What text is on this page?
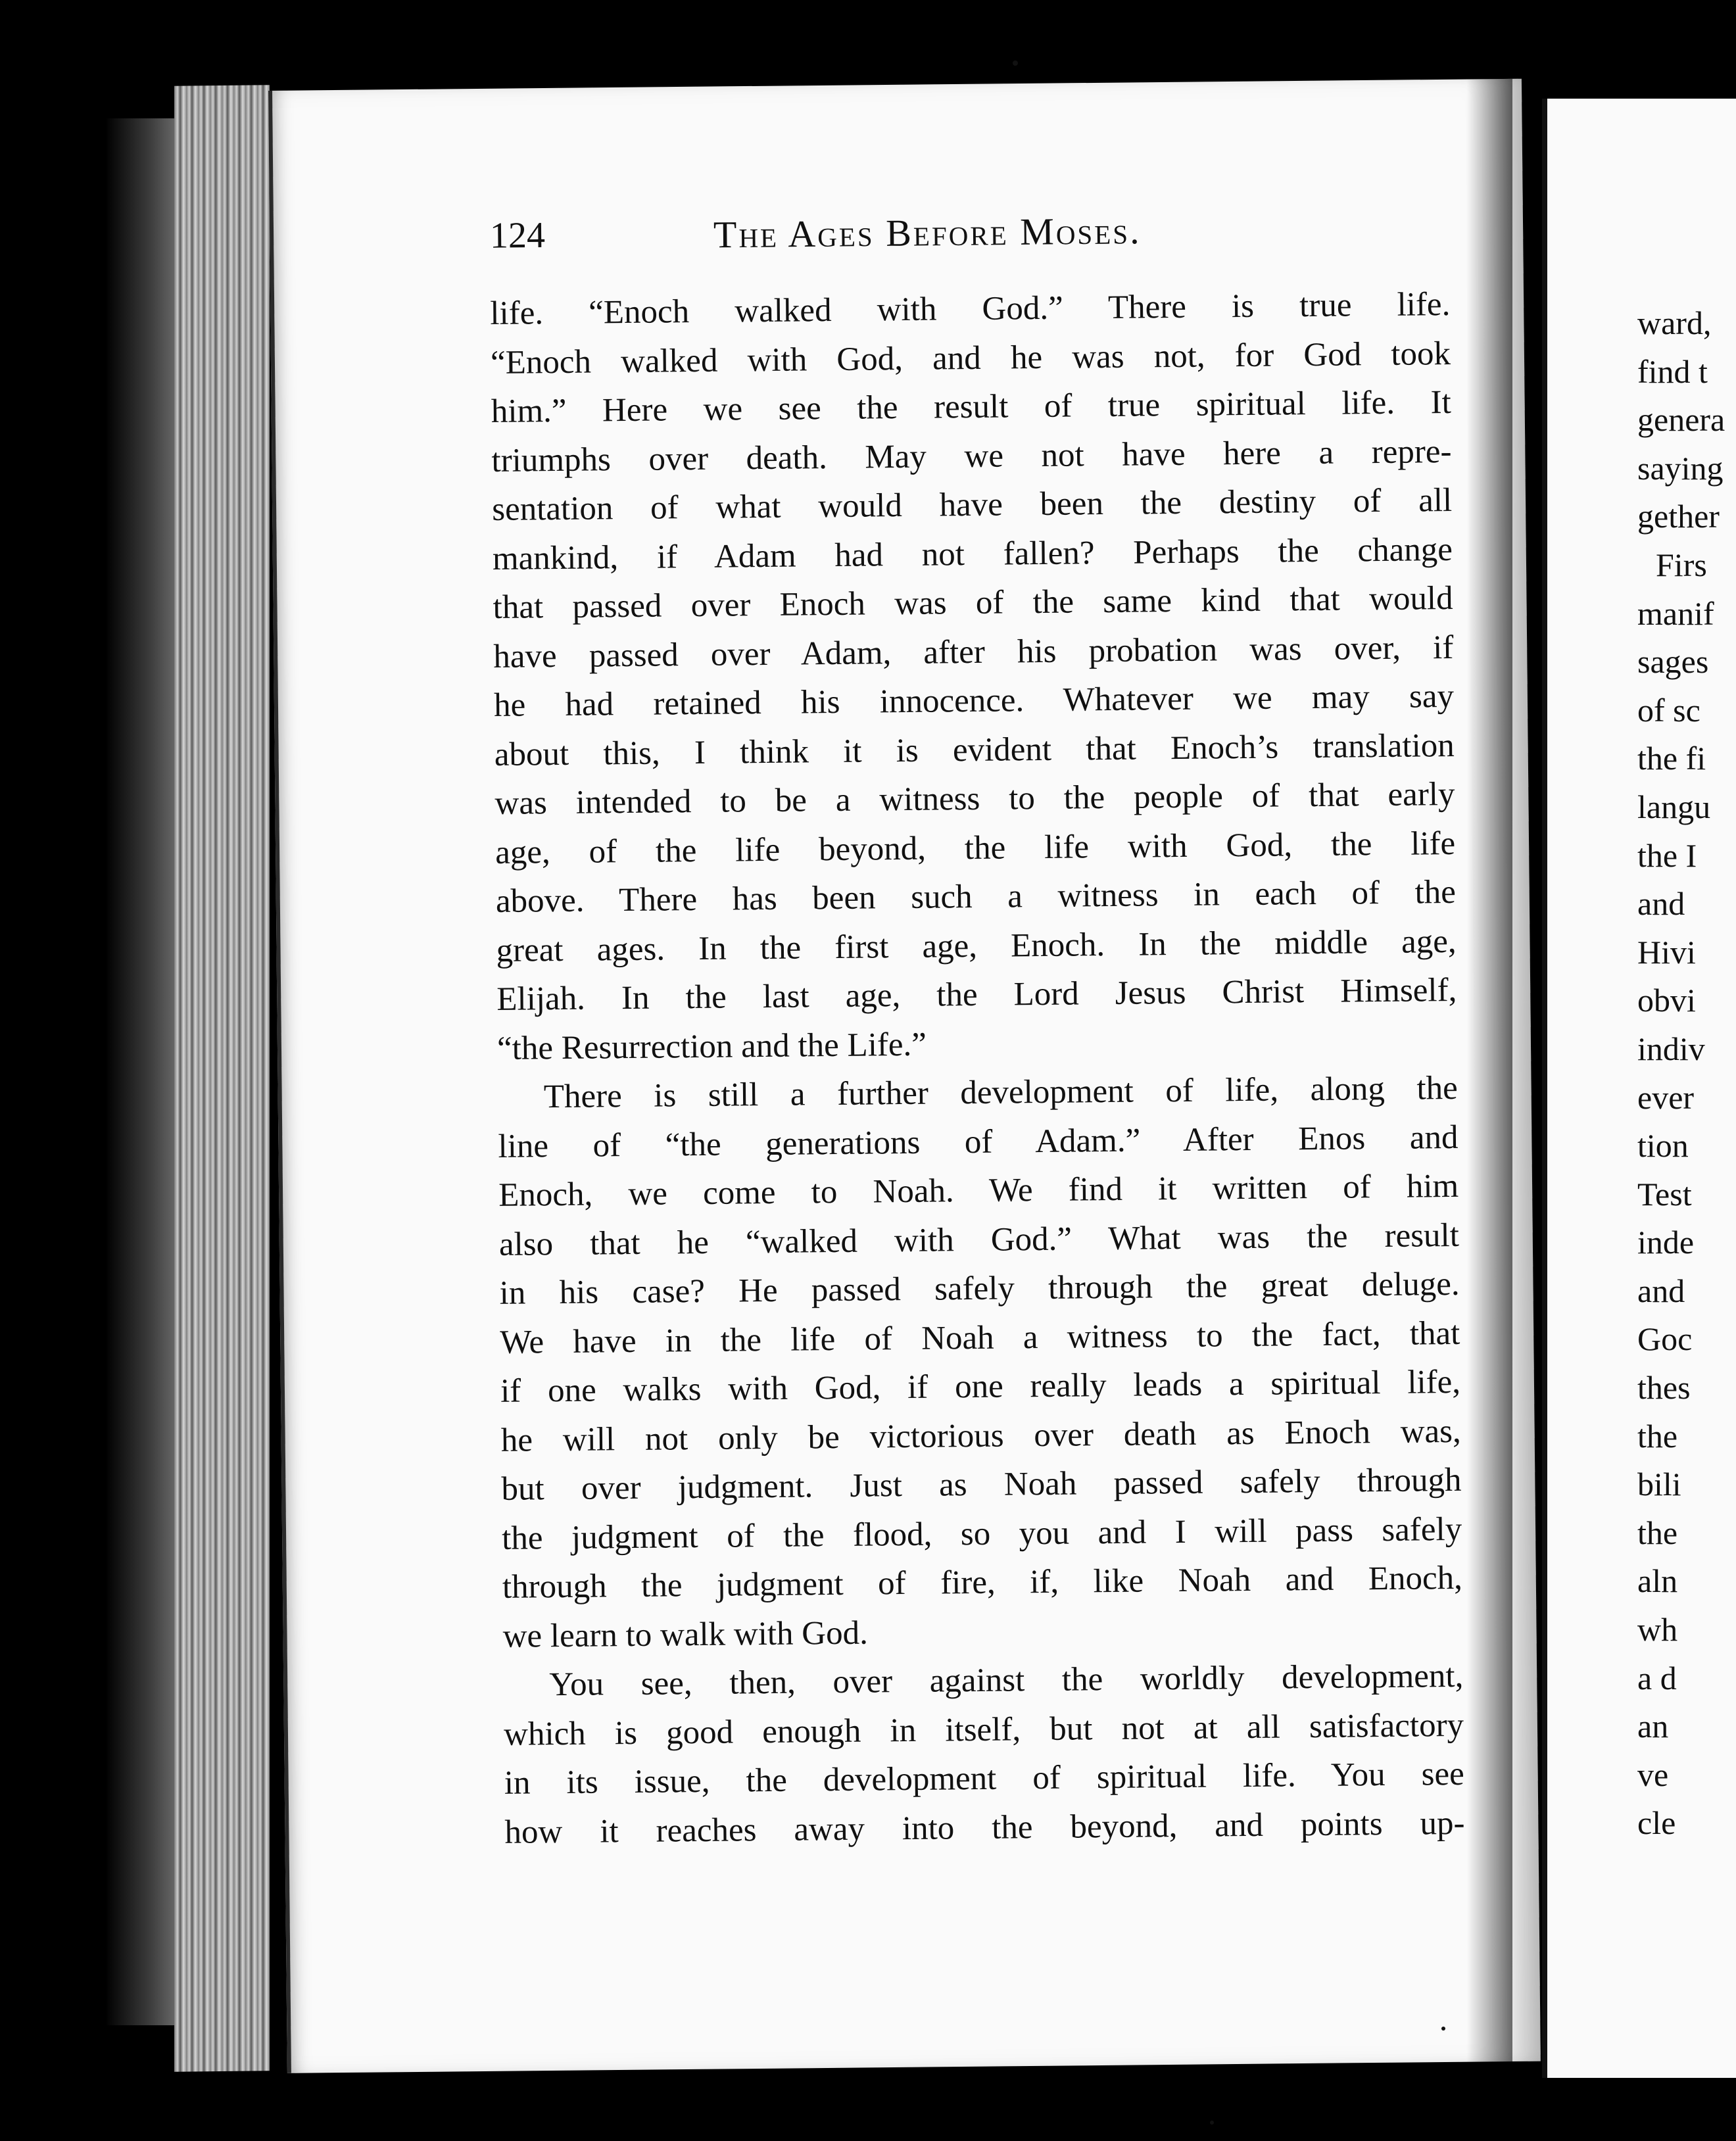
124	The Ages Before Moses.
life. “Enoch walked with God.” There is true life.
“Enoch walked with God, and he was not, for God took
him.” Here we see the result of true spiritual life. It
triumphs over death. May we not have here a repre-
sentation of what would have been the destiny of all
mankind, if Adam had not fallen? Perhaps the change
that passed over Enoch was of the same kind that would
have passed over Adam, after his probation was over, if
he had retained his innocence. Whatever we may say
about this, I think it is evident that Enoch’s translation
was intended to be a witness to the people of that early
age, of the life beyond, the life with God, the life
above. There has been such a witness in each of the
great ages. In the first age, Enoch. In the middle age,
Elijah. In the last age, the Lord Jesus Christ Himself,
“the Resurrection and the Life.”
There is still a further development of life, along the
line of “the generations of Adam.” After Enos and
Enoch, we come to Noah. We find it written of him
also that he “walked with God.” What was the result
in his case? He passed safely through the great deluge.
We have in the life of Noah a witness to the fact, that
if one walks with God, if one really leads a spiritual life,
he will not only be victorious over death as Enoch was,
but over judgment. Just as Noah passed safely through
the judgment of the flood, so you and I will pass safely
through the judgment of fire, if, like Noah and Enoch,
we learn to walk with God.
You see, then, over against the worldly development,
which is good enough in itself, but not at all satisfactory
in its issue, the development of spiritual life. You see
how it reaches away into the beyond, and points up-
ward,
find t
genera
saying
gether
Firs
manif
sages
of sc
the fi
langu
the I
and
Hivi
obvi
indiv
ever
tion
Test
inde
and
Goc
thes
the
bili
the
aln
wh
a d
an
ve
cle
